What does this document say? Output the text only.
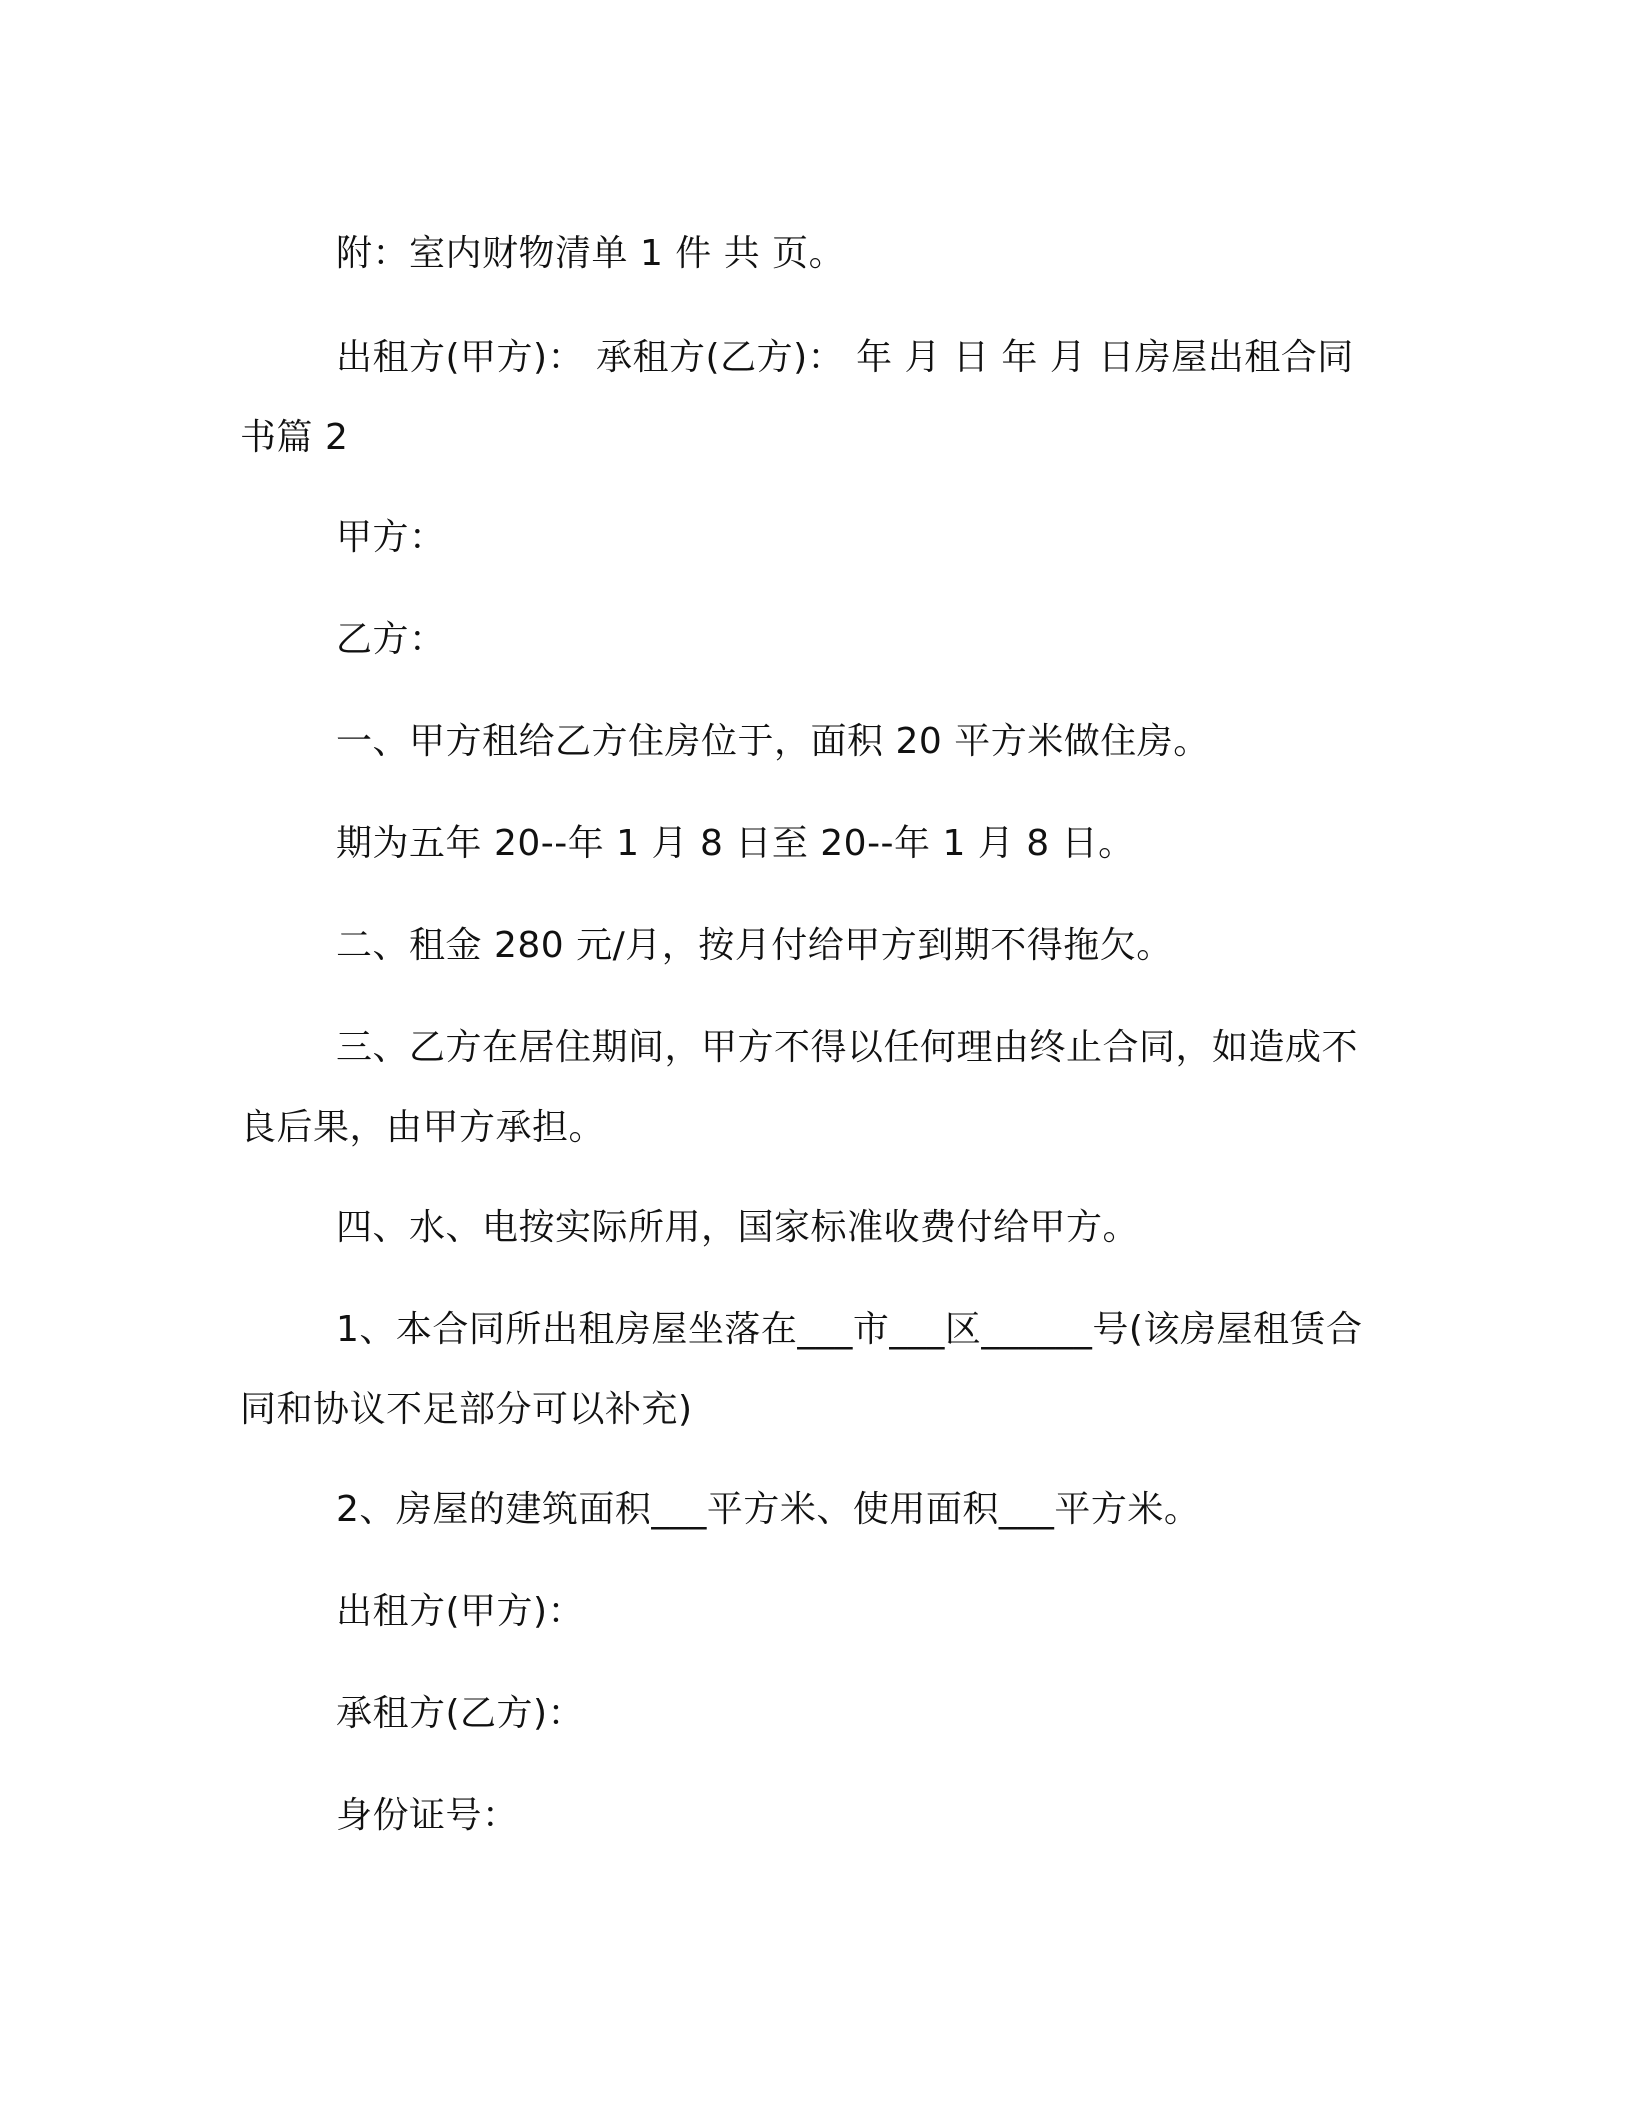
附：室内财物清单 1 件 共 页。

出租方(甲方)： 承租方(乙方)： 年 月 日 年 月 日房屋出租合同书篇 2

甲方：

乙方：

一、甲方租给乙方住房位于，面积 20 平方米做住房。

期为五年 20--年 1 月 8 日至 20--年 1 月 8 日。

二、租金 280 元/月，按月付给甲方到期不得拖欠。

三、乙方在居住期间，甲方不得以任何理由终止合同，如造成不良后果，由甲方承担。

四、水、电按实际所用，国家标准收费付给甲方。

1、本合同所出租房屋坐落在___市___区______号(该房屋租赁合同和协议不足部分可以补充)

2、房屋的建筑面积___平方米、使用面积___平方米。

出租方(甲方)：

承租方(乙方)：

身份证号：
